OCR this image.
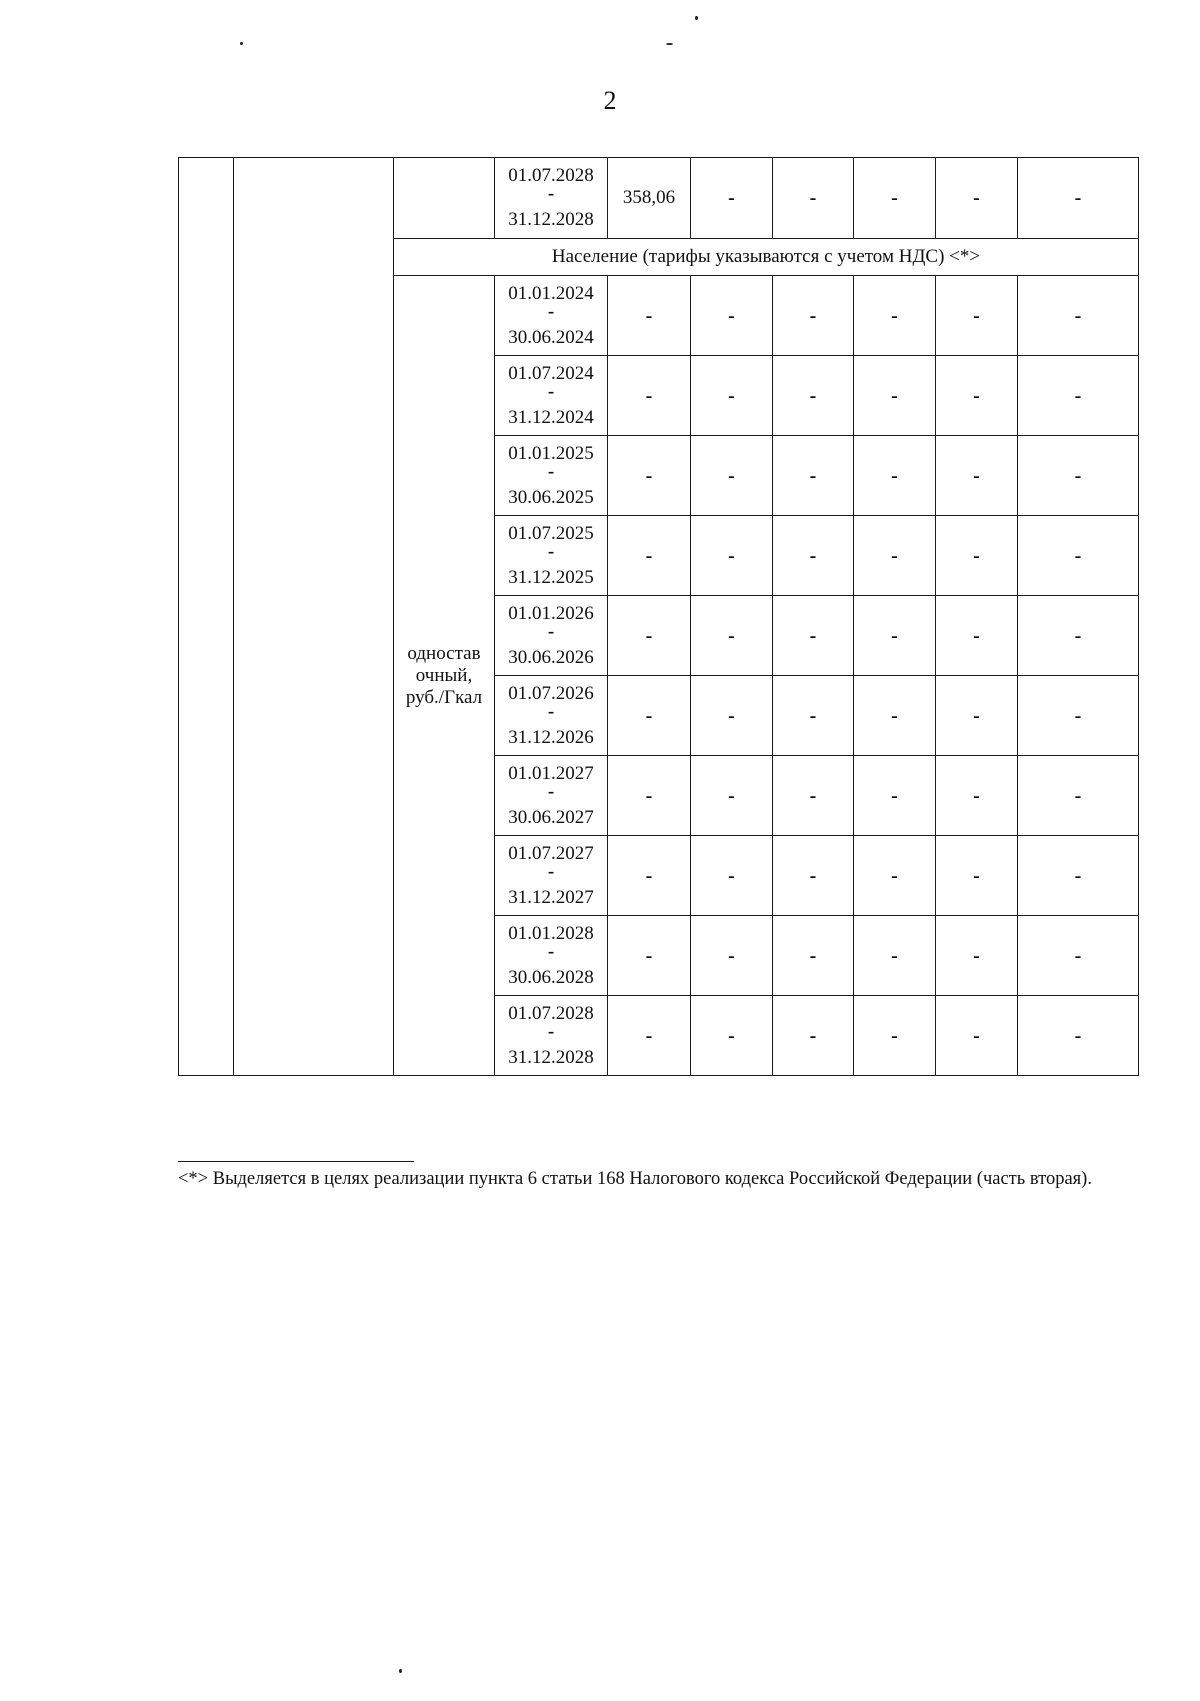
2

			01.07.2028
-
31.12.2028	358,06	-	-	-	-	-
		Население (тарифы указываются с учетом НДС) <*>							

		одностав
очный,
руб./Гкал	01.01.2024
-
30.06.2024	-	-	-	-	-	-

			01.07.2024
-
31.12.2024	-	-	-	-	-	-

			01.01.2025
-
30.06.2025	-	-	-	-	-	-

			01.07.2025
-
31.12.2025	-	-	-	-	-	-

			01.01.2026
-
30.06.2026	-	-	-	-	-	-

			01.07.2026
-
31.12.2026	-	-	-	-	-	-

			01.01.2027
-
30.06.2027	-	-	-	-	-	-

			01.07.2027
-
31.12.2027	-	-	-	-	-	-

			01.01.2028
-
30.06.2028	-	-	-	-	-	-

			01.07.2028
-
31.12.2028	-	-	-	-	-	-
<*> Выделяется в целях реализации пункта 6 статьи 168 Налогового кодекса Российской Федерации (часть вторая).
